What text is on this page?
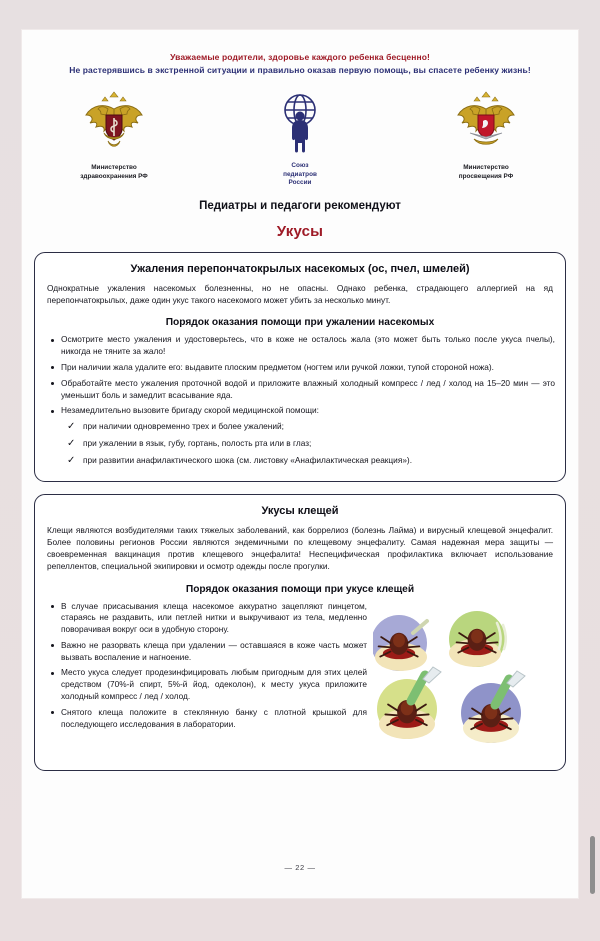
Уважаемые родители, здоровье каждого ребенка бесценно!
Не растерявшись в экстренной ситуации и правильно оказав первую помощь, вы спасете ребенку жизнь!
Министерство
здравоохранения РФ
Союз
педиатров
России
Министерство
просвещения РФ
Педиатры и педагоги рекомендуют
Укусы
Ужаления перепончатокрылых насекомых (ос, пчел, шмелей)
Однократные ужаления насекомых болезненны, но не опасны. Однако ребенка, страдающего аллергией на яд перепончатокрылых, даже один укус такого насекомого может убить за несколько минут.
Порядок оказания помощи при ужалении насекомых
Осмотрите место ужаления и удостоверьтесь, что в коже не осталось жала (это может быть только после укуса пчелы), никогда не тяните за жало!
При наличии жала удалите его: выдавите плоским предметом (ногтем или ручкой ложки, тупой стороной ножа).
Обработайте место ужаления проточной водой и приложите влажный холодный компресс / лед / холод на 15–20 мин — это уменьшит боль и замедлит всасывание яда.
Незамедлительно вызовите бригаду скорой медицинской помощи:
✓ при наличии одновременно трех и более ужалений;
✓ при ужалении в язык, губу, гортань, полость рта или в глаз;
✓ при развитии анафилактического шока (см. листовку «Анафилактическая реакция»).
Укусы клещей
Клещи являются возбудителями таких тяжелых заболеваний, как боррелиоз (болезнь Лайма) и вирусный клещевой энцефалит. Более половины регионов России являются эндемичными по клещевому энцефалиту. Самая надежная мера защиты — своевременная вакцинация против клещевого энцефалита! Неспецифическая профилактика включает использование репеллентов, специальной экипировки и осмотр одежды после прогулки.
Порядок оказания помощи при укусе клещей
В случае присасывания клеща насекомое аккуратно зацепляют пинцетом, стараясь не раздавить, или петлей нитки и выкручивают из тела, медленно поворачивая вокруг оси в удобную сторону.
Важно не разорвать клеща при удалении — оставшаяся в коже часть может вызвать воспаление и нагноение.
Место укуса следует продезинфицировать любым пригодным для этих целей средством (70%-й спирт, 5%-й йод, одеколон), к месту укуса приложите холодный компресс / лед / холод.
Снятого клеща положите в стеклянную банку с плотной крышкой для последующего исследования в лаборатории.
— 22 —
